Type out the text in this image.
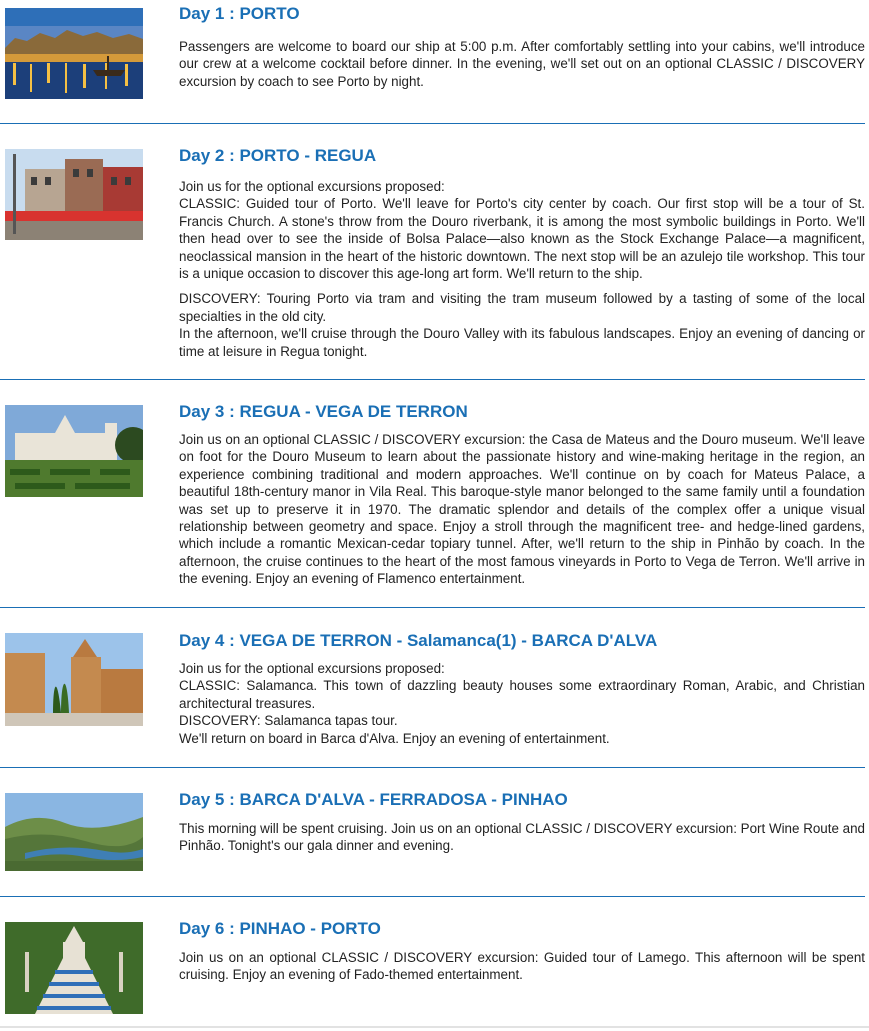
Day 1 : PORTO

Passengers are welcome to board our ship at 5:00 p.m. After comfortably settling into your cabins, we'll introduce our crew at a welcome cocktail before dinner. In the evening, we'll set out on an optional CLASSIC / DISCOVERY excursion by coach to see Porto by night.

Day 2 : PORTO - REGUA

Join us for the optional excursions proposed:

CLASSIC: Guided tour of Porto. We'll leave for Porto's city center by coach. Our first stop will be a tour of St. Francis Church. A stone's throw from the Douro riverbank, it is among the most symbolic buildings in Porto. We'll then head over to see the inside of Bolsa Palace—also known as the Stock Exchange Palace—a magnificent, neoclassical mansion in the heart of the historic downtown. The next stop will be an azulejo tile workshop. This tour is a unique occasion to discover this age-long art form. We'll return to the ship.

DISCOVERY: Touring Porto via tram and visiting the tram museum followed by a tasting of some of the local specialties in the old city.

In the afternoon, we'll cruise through the Douro Valley with its fabulous landscapes. Enjoy an evening of dancing or time at leisure in Regua tonight.

Day 3 : REGUA - VEGA DE TERRON

Join us on an optional CLASSIC / DISCOVERY excursion: the Casa de Mateus and the Douro museum. We'll leave on foot for the Douro Museum to learn about the passionate history and wine-making heritage in the region, an experience combining traditional and modern approaches. We'll continue on by coach for Mateus Palace, a beautiful 18th-century manor in Vila Real. This baroque-style manor belonged to the same family until a foundation was set up to preserve it in 1970. The dramatic splendor and details of the complex offer a unique visual relationship between geometry and space. Enjoy a stroll through the magnificent tree- and hedge-lined gardens, which include a romantic Mexican-cedar topiary tunnel. After, we'll return to the ship in Pinhão by coach. In the afternoon, the cruise continues to the heart of the most famous vineyards in Porto to Vega de Terron. We'll arrive in the evening. Enjoy an evening of Flamenco entertainment.

Day 4 : VEGA DE TERRON - Salamanca(1) - BARCA D'ALVA

Join us for the optional excursions proposed:

CLASSIC: Salamanca. This town of dazzling beauty houses some extraordinary Roman, Arabic, and Christian architectural treasures.

DISCOVERY: Salamanca tapas tour.

We'll return on board in Barca d'Alva. Enjoy an evening of entertainment.

Day 5 : BARCA D'ALVA - FERRADOSA - PINHAO

This morning will be spent cruising. Join us on an optional CLASSIC / DISCOVERY excursion: Port Wine Route and Pinhão. Tonight's our gala dinner and evening.

Day 6 : PINHAO - PORTO

Join us on an optional CLASSIC / DISCOVERY excursion: Guided tour of Lamego. This afternoon will be spent cruising. Enjoy an evening of Fado-themed entertainment.
